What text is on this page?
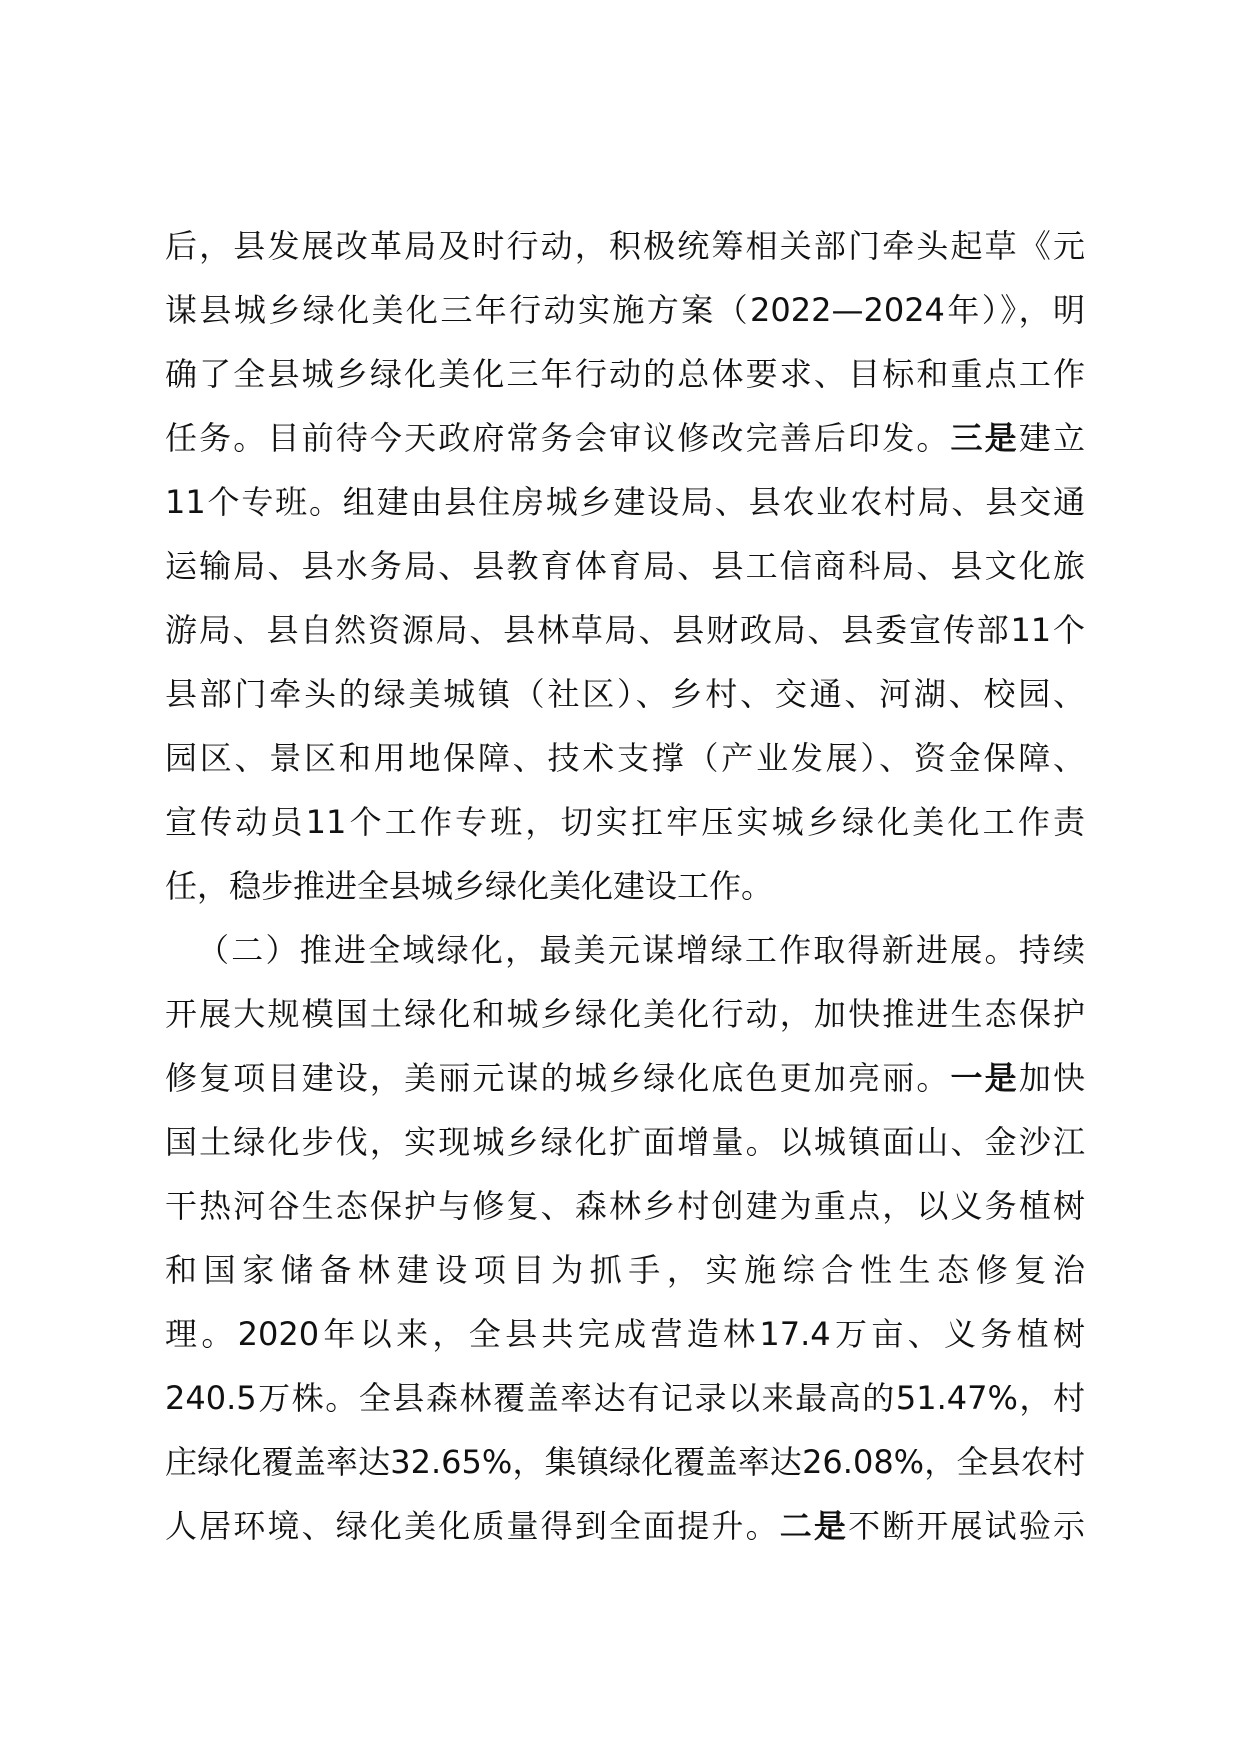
后，县发展改革局及时行动，积极统筹相关部门牵头起草《元
谋县城乡绿化美化三年行动实施方案（2022—2024年）》，明
确了全县城乡绿化美化三年行动的总体要求、目标和重点工作
任务。目前待今天政府常务会审议修改完善后印发。三是建立
11个专班。组建由县住房城乡建设局、县农业农村局、县交通
运输局、县水务局、县教育体育局、县工信商科局、县文化旅
游局、县自然资源局、县林草局、县财政局、县委宣传部11个
县部门牵头的绿美城镇（社区）、乡村、交通、河湖、校园、
园区、景区和用地保障、技术支撑（产业发展）、资金保障、
宣传动员11个工作专班，切实扛牢压实城乡绿化美化工作责
任，稳步推进全县城乡绿化美化建设工作。
（二）推进全域绿化，最美元谋增绿工作取得新进展。持续
开展大规模国土绿化和城乡绿化美化行动，加快推进生态保护
修复项目建设，美丽元谋的城乡绿化底色更加亮丽。一是加快
国土绿化步伐，实现城乡绿化扩面增量。以城镇面山、金沙江
干热河谷生态保护与修复、森林乡村创建为重点，以义务植树
和国家储备林建设项目为抓手，实施综合性生态修复治
理。2020年以来，全县共完成营造林17.4万亩、义务植树
240.5万株。全县森林覆盖率达有记录以来最高的51.47%，村
庄绿化覆盖率达32.65%，集镇绿化覆盖率达26.08%，全县农村
人居环境、绿化美化质量得到全面提升。二是不断开展试验示
